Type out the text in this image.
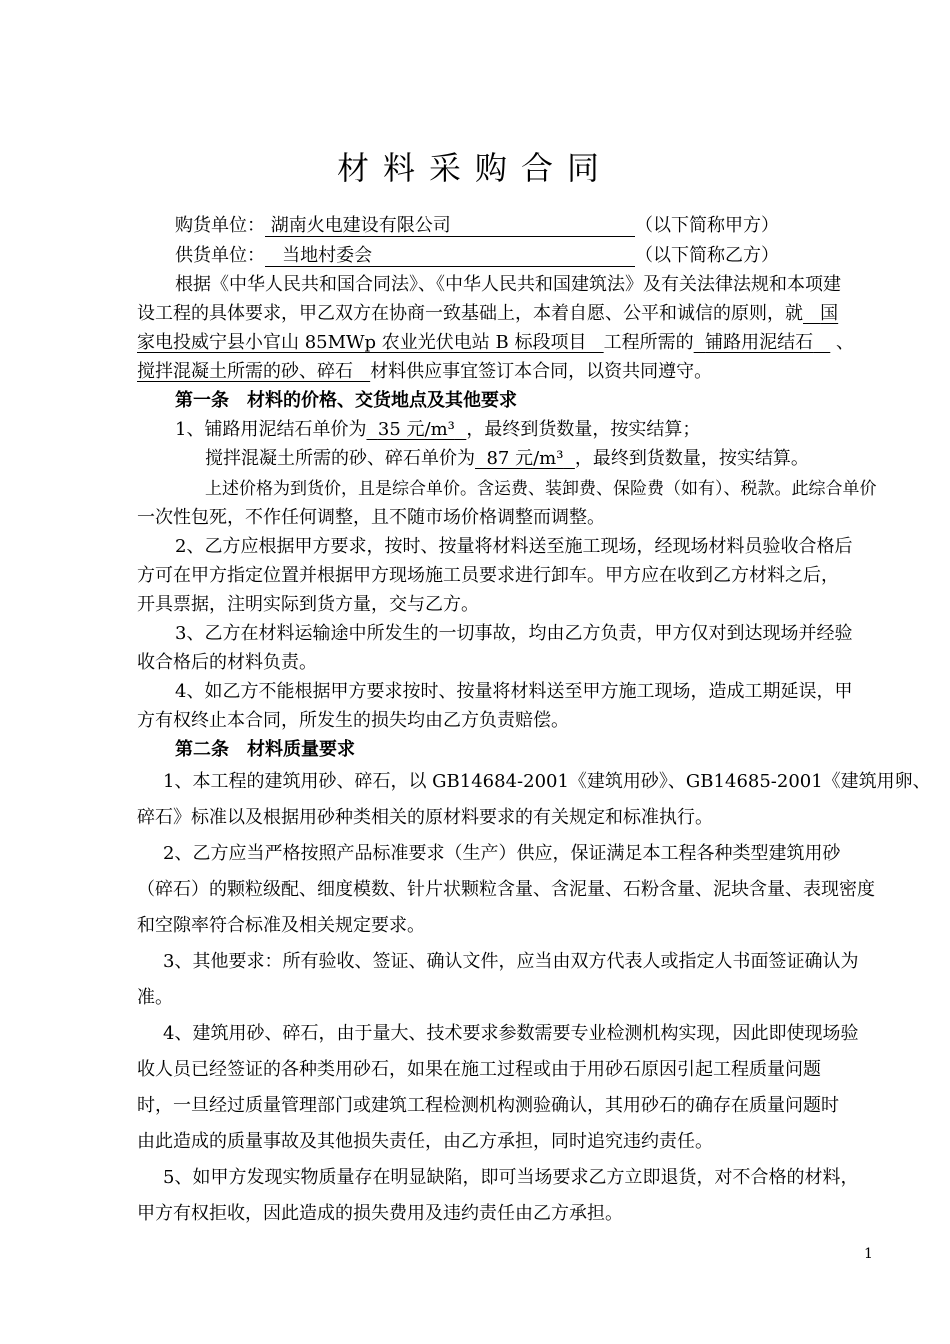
材料采购合同
购货单位： 湖南火电建设有限公司	（以下简称甲方）
供货单位： 当地村委会	（以下简称乙方）
根据《中华人民共和国合同法》、《中华人民共和国建筑法》及有关法律法规和本项建
设工程的具体要求，甲乙双方在协商一致基础上，本着自愿、公平和诚信的原则，就 国
家电投威宁县小官山 85MWp 农业光伏电站 B 标段项目 工程所需的 铺路用泥结石 、
搅拌混凝土所需的砂、碎石 材料供应事宜签订本合同，以资共同遵守。
第一条　材料的价格、交货地点及其他要求
1、铺路用泥结石单价为 35 元/m³ ，最终到货数量，按实结算；
搅拌混凝土所需的砂、碎石单价为 87 元/m³ ，最终到货数量，按实结算。
上述价格为到货价，且是综合单价。含运费、装卸费、保险费（如有）、税款。此综合单价
一次性包死，不作任何调整，且不随市场价格调整而调整。
2、乙方应根据甲方要求，按时、按量将材料送至施工现场，经现场材料员验收合格后
方可在甲方指定位置并根据甲方现场施工员要求进行卸车。甲方应在收到乙方材料之后，
开具票据，注明实际到货方量，交与乙方。
3、乙方在材料运输途中所发生的一切事故，均由乙方负责，甲方仅对到达现场并经验
收合格后的材料负责。
4、如乙方不能根据甲方要求按时、按量将材料送至甲方施工现场，造成工期延误，甲
方有权终止本合同，所发生的损失均由乙方负责赔偿。
第二条　材料质量要求
1、本工程的建筑用砂、碎石，以 GB14684-2001《建筑用砂》、GB14685-2001《建筑用卵、
碎石》标准以及根据用砂种类相关的原材料要求的有关规定和标准执行。
2、乙方应当严格按照产品标准要求（生产）供应，保证满足本工程各种类型建筑用砂
（碎石）的颗粒级配、细度模数、针片状颗粒含量、含泥量、石粉含量、泥块含量、表现密度
和空隙率符合标准及相关规定要求。
3、其他要求：所有验收、签证、确认文件，应当由双方代表人或指定人书面签证确认为
准。
4、建筑用砂、碎石，由于量大、技术要求参数需要专业检测机构实现，因此即使现场验
收人员已经签证的各种类用砂石，如果在施工过程或由于用砂石原因引起工程质量问题
时，一旦经过质量管理部门或建筑工程检测机构测验确认，其用砂石的确存在质量问题时
由此造成的质量事故及其他损失责任，由乙方承担，同时追究违约责任。
5、如甲方发现实物质量存在明显缺陷，即可当场要求乙方立即退货，对不合格的材料，
甲方有权拒收，因此造成的损失费用及违约责任由乙方承担。
1
